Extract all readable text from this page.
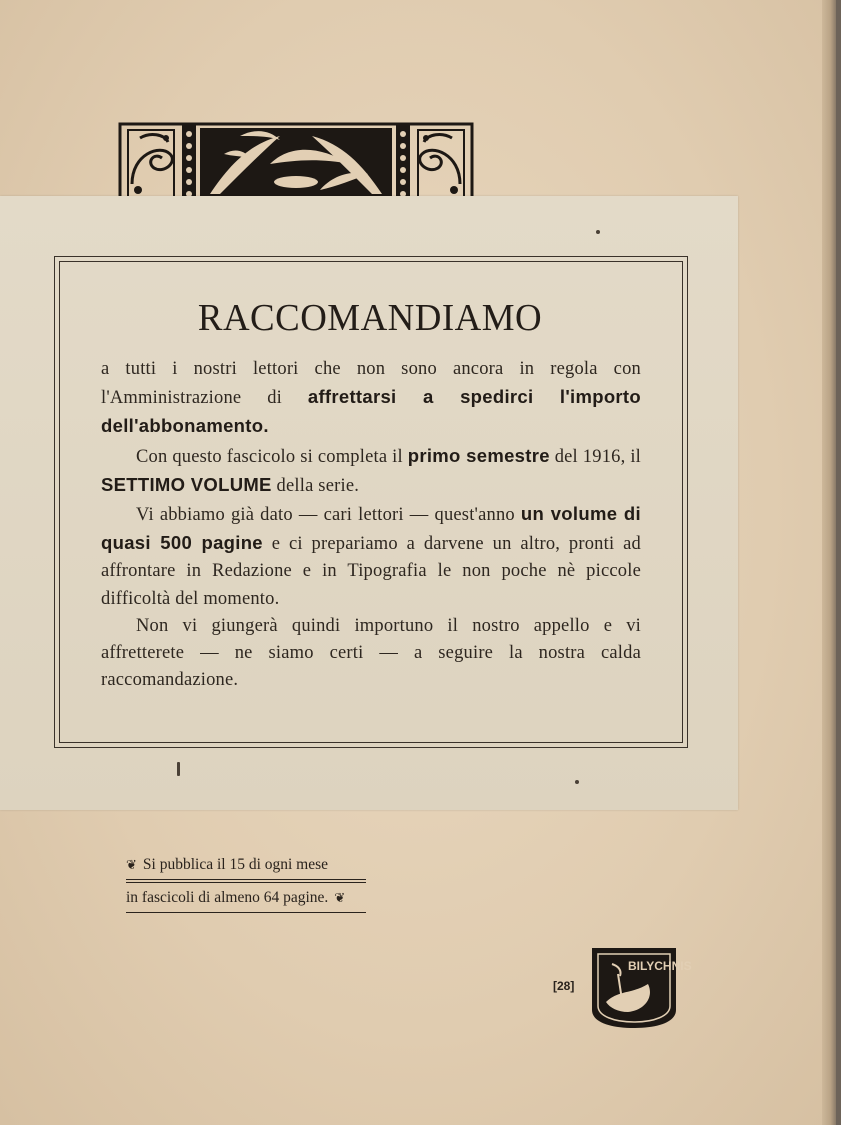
RACCOMANDIAMO

a tutti i nostri lettori che non sono ancora in regola con l'Amministrazione di affrettarsi a spedirci l'importo dell'abbonamento.

Con questo fascicolo si completa il primo semestre del 1916, il SETTIMO VOLUME della serie.

Vi abbiamo già dato — cari lettori — quest'anno un volume di quasi 500 pagine e ci prepariamo a darvene un altro, pronti ad affrontare in Redazione e in Tipografia le non poche nè piccole difficoltà del momento.

Non vi giungerà quindi importuno il nostro appello e vi affretterete — ne siamo certi — a seguire la nostra calda raccomandazione.

❦ Si pubblica il 15 di ogni mese
in fascicoli di almeno 64 pagine. ❦
[28]
BILYCHNIS
